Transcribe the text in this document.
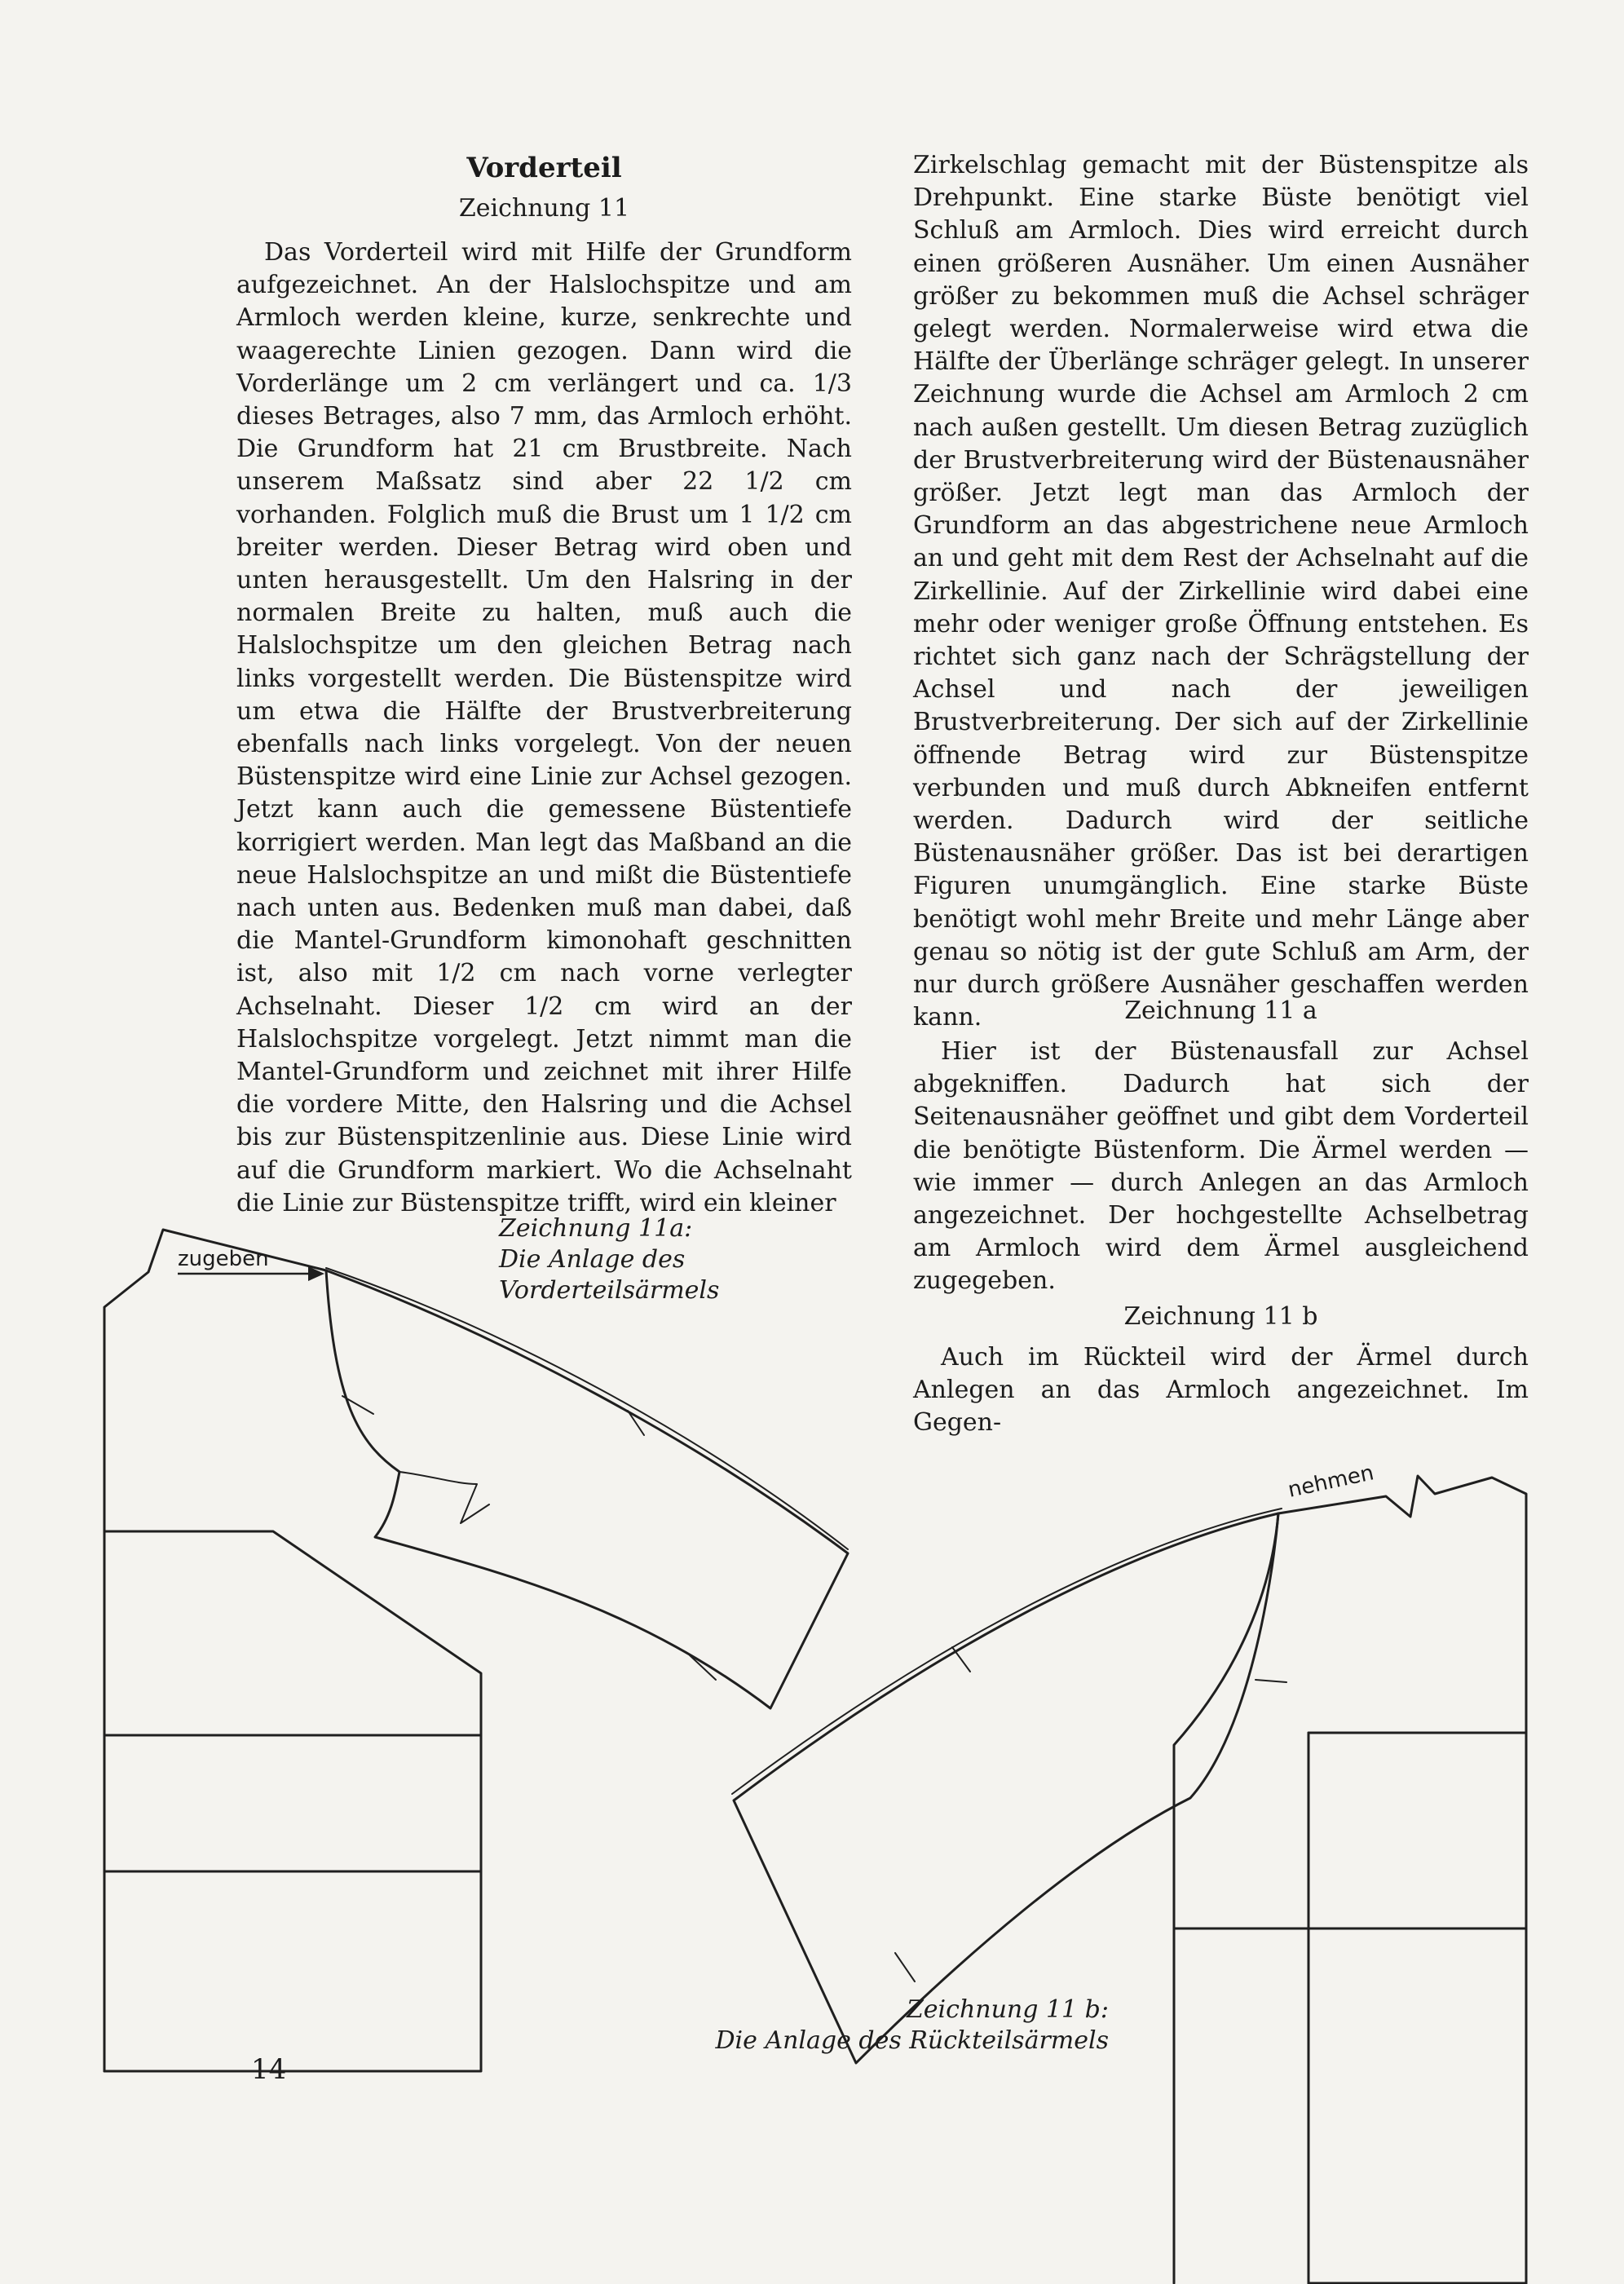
Vorderteil
Zeichnung 11

Das Vorderteil wird mit Hilfe der Grundform aufgezeichnet. An der Halslochspitze und am Armloch werden kleine, kurze, senkrechte und waagerechte Linien gezogen. Dann wird die Vorderlänge um 2 cm verlängert und ca. 1/3 dieses Betrages, also 7 mm, das Armloch erhöht. Die Grundform hat 21 cm Brustbreite. Nach unserem Maßsatz sind aber 22 1/2 cm vorhanden. Folglich muß die Brust um 1 1/2 cm breiter werden. Dieser Betrag wird oben und unten herausgestellt. Um den Halsring in der normalen Breite zu halten, muß auch die Halslochspitze um den gleichen Betrag nach links vorgestellt werden. Die Büstenspitze wird um etwa die Hälfte der Brustverbreiterung ebenfalls nach links vorgelegt. Von der neuen Büstenspitze wird eine Linie zur Achsel gezogen. Jetzt kann auch die gemessene Büstentiefe korrigiert werden. Man legt das Maßband an die neue Halslochspitze an und mißt die Büstentiefe nach unten aus. Bedenken muß man dabei, daß die Mantel-Grundform kimonohaft geschnitten ist, also mit 1/2 cm nach vorne verlegter Achselnaht. Dieser 1/2 cm wird an der Halslochspitze vorgelegt. Jetzt nimmt man die Mantel-Grundform und zeichnet mit ihrer Hilfe die vordere Mitte, den Halsring und die Achsel bis zur Büstenspitzenlinie aus. Diese Linie wird auf die Grundform markiert. Wo die Achselnaht die Linie zur Büstenspitze trifft, wird ein kleiner

Zirkelschlag gemacht mit der Büstenspitze als Drehpunkt. Eine starke Büste benötigt viel Schluß am Armloch. Dies wird erreicht durch einen größeren Ausnäher. Um einen Ausnäher größer zu bekommen muß die Achsel schräger gelegt werden. Normalerweise wird etwa die Hälfte der Überlänge schräger gelegt. In unserer Zeichnung wurde die Achsel am Armloch 2 cm nach außen gestellt. Um diesen Betrag zuzüglich der Brustverbreiterung wird der Büstenausnäher größer. Jetzt legt man das Armloch der Grundform an das abgestrichene neue Armloch an und geht mit dem Rest der Achselnaht auf die Zirkellinie. Auf der Zirkellinie wird dabei eine mehr oder weniger große Öffnung entstehen. Es richtet sich ganz nach der Schrägstellung der Achsel und nach der jeweiligen Brustverbreiterung. Der sich auf der Zirkellinie öffnende Betrag wird zur Büstenspitze verbunden und muß durch Abkneifen entfernt werden. Dadurch wird der seitliche Büstenausnäher größer. Das ist bei derartigen Figuren unumgänglich. Eine starke Büste benötigt wohl mehr Breite und mehr Länge aber genau so nötig ist der gute Schluß am Arm, der nur durch größere Ausnäher geschaffen werden kann.	Zeichnung 11 a

Hier ist der Büstenausfall zur Achsel abgekniffen. Dadurch hat sich der Seitenausnäher geöffnet und gibt dem Vorderteil die benötigte Büstenform. Die Ärmel werden — wie immer — durch Anlegen an das Armloch angezeichnet. Der hochgestellte Achselbetrag am Armloch wird dem Ärmel ausgleichend zugegeben.

Zeichnung 11 b

Auch im Rückteil wird der Ärmel durch Anlegen an das Armloch angezeichnet. Im Gegen-

Zeichnung 11a:
Die Anlage des Vorderteilsärmels
Zeichnung 11 b:
Die Anlage des Rückteilsärmels
14
zugeben
nehmen
